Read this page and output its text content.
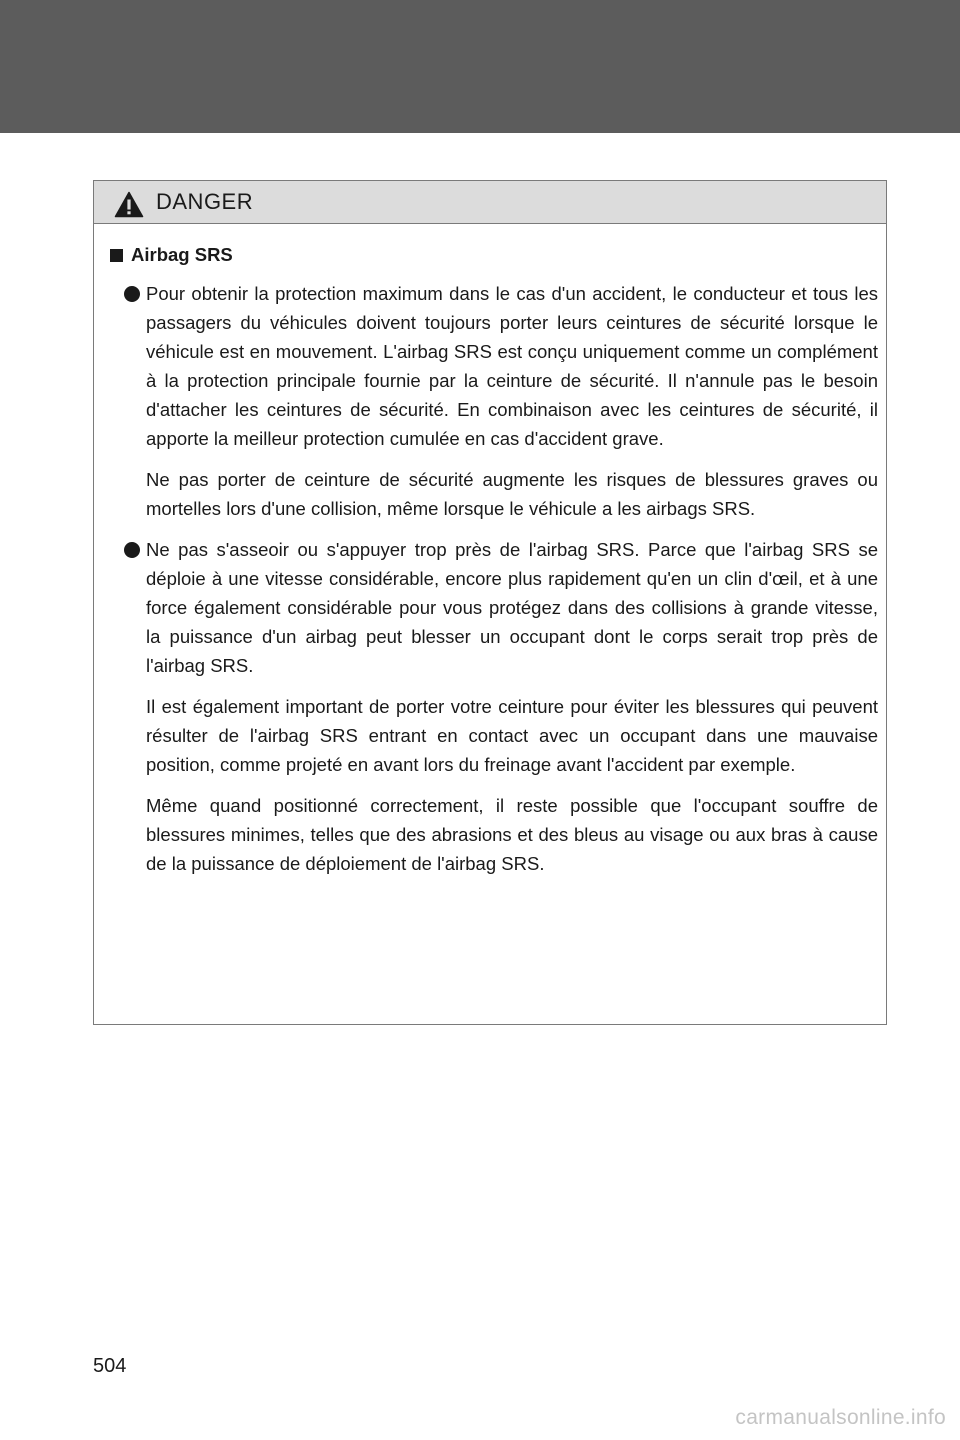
DANGER
Airbag SRS

Pour obtenir la protection maximum dans le cas d'un accident, le conducteur et tous les passagers du véhicules doivent toujours porter leurs ceintures de sécurité lorsque le véhicule est en mouvement. L'airbag SRS est conçu uniquement comme un complément à la protection principale fournie par la ceinture de sécurité. Il n'annule pas le besoin d'attacher les ceintures de sécurité. En combinaison avec les ceintures de sécurité, il apporte la meilleur protection cumulée en cas d'accident grave.

Ne pas porter de ceinture de sécurité augmente les risques de blessures graves ou mortelles lors d'une collision, même lorsque le véhicule a les airbags SRS.

Ne pas s'asseoir ou s'appuyer trop près de l'airbag SRS. Parce que l'airbag SRS se déploie à une vitesse considérable, encore plus rapidement qu'en un clin d'œil, et à une force également considérable pour vous protégez dans des collisions à grande vitesse, la puissance d'un airbag peut blesser un occupant dont le corps serait trop près de l'airbag SRS.

Il est également important de porter votre ceinture pour éviter les blessures qui peuvent résulter de l'airbag SRS entrant en contact avec un occupant dans une mauvaise position, comme projeté en avant lors du freinage avant l'accident par exemple.

Même quand positionné correctement, il reste possible que l'occupant souffre de blessures minimes, telles que des abrasions et des bleus au visage ou aux bras à cause de la puissance de déploiement de l'airbag SRS.

504
carmanualsonline.info
